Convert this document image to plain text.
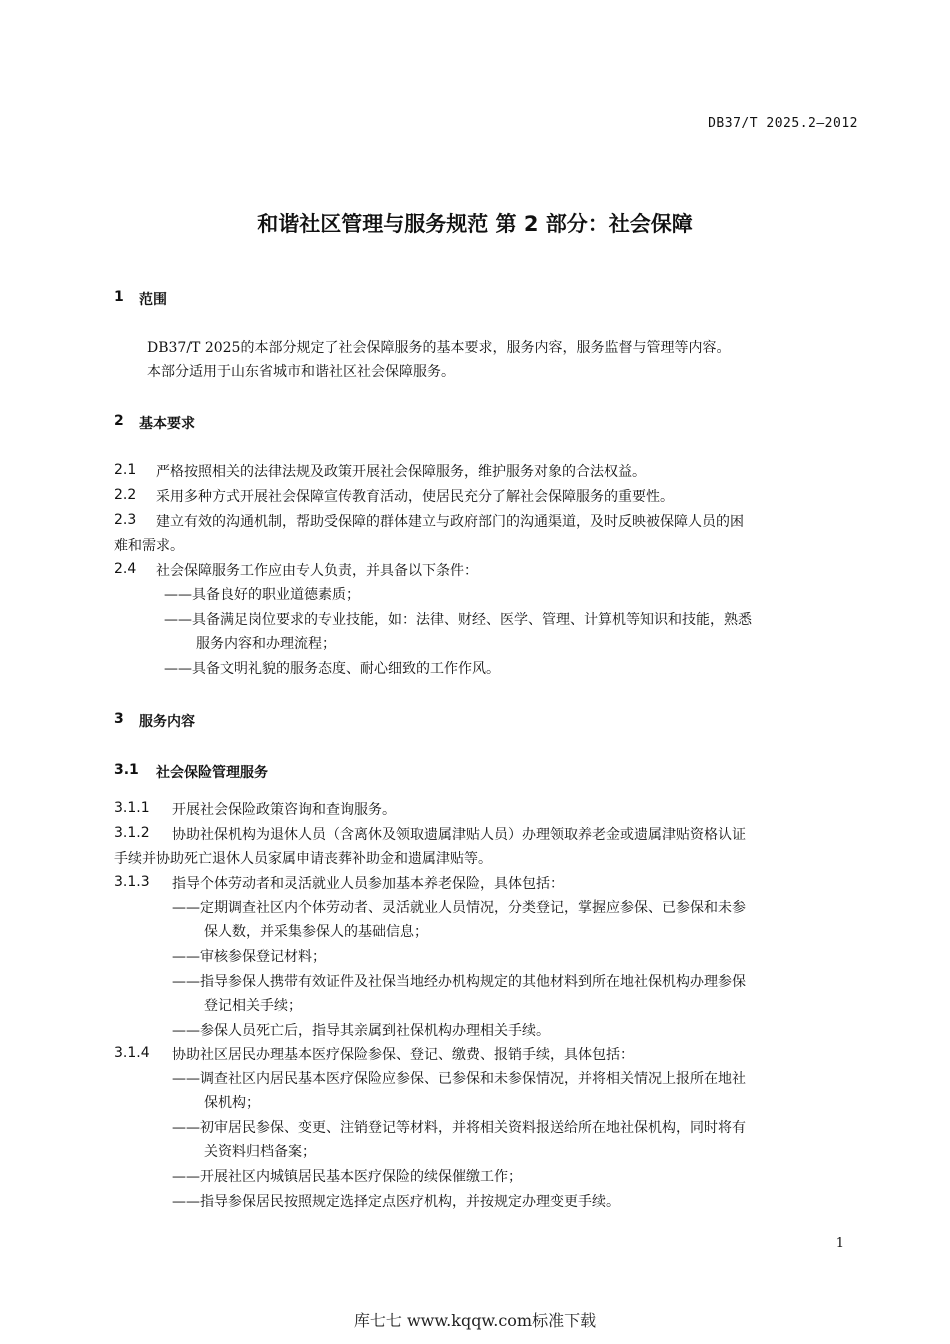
DB37/T 2025.2—2012

和谐社区管理与服务规范 第 2 部分：社会保障

1 范围

DB37/T 2025的本部分规定了社会保障服务的基本要求，服务内容，服务监督与管理等内容。

本部分适用于山东省城市和谐社区社会保障服务。

2 基本要求

2.1 严格按照相关的法律法规及政策开展社会保障服务，维护服务对象的合法权益。

2.2 采用多种方式开展社会保障宣传教育活动，使居民充分了解社会保障服务的重要性。

2.3 建立有效的沟通机制，帮助受保障的群体建立与政府部门的沟通渠道，及时反映被保障人员的困

难和需求。

2.4 社会保障服务工作应由专人负责，并具备以下条件：

——具备良好的职业道德素质；

——具备满足岗位要求的专业技能，如：法律、财经、医学、管理、计算机等知识和技能，熟悉

服务内容和办理流程；

——具备文明礼貌的服务态度、耐心细致的工作作风。

3 服务内容

3.1 社会保险管理服务

3.1.1 开展社会保险政策咨询和查询服务。

3.1.2 协助社保机构为退休人员（含离休及领取遗属津贴人员）办理领取养老金或遗属津贴资格认证

手续并协助死亡退休人员家属申请丧葬补助金和遗属津贴等。

3.1.3 指导个体劳动者和灵活就业人员参加基本养老保险，具体包括：

——定期调查社区内个体劳动者、灵活就业人员情况，分类登记，掌握应参保、已参保和未参

保人数，并采集参保人的基础信息；

——审核参保登记材料；

——指导参保人携带有效证件及社保当地经办机构规定的其他材料到所在地社保机构办理参保

登记相关手续；

——参保人员死亡后，指导其亲属到社保机构办理相关手续。

3.1.4 协助社区居民办理基本医疗保险参保、登记、缴费、报销手续，具体包括：

——调查社区内居民基本医疗保险应参保、已参保和未参保情况，并将相关情况上报所在地社

保机构；

——初审居民参保、变更、注销登记等材料，并将相关资料报送给所在地社保机构，同时将有

关资料归档备案；

——开展社区内城镇居民基本医疗保险的续保催缴工作；

——指导参保居民按照规定选择定点医疗机构，并按规定办理变更手续。

1

库七七 www.kqqw.com标准下载
